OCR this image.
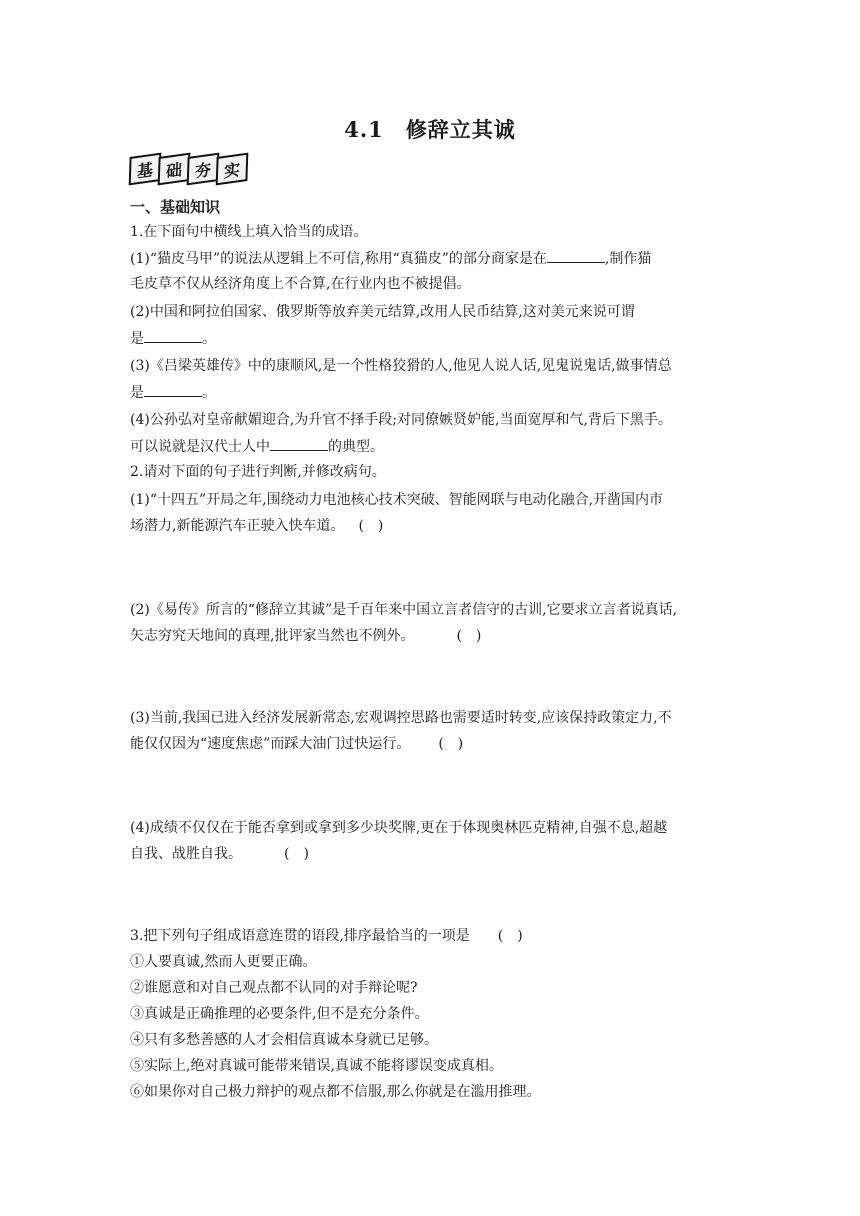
4.1　修辞立其诚
基 础 夯 实
一、基础知识
1.在下面句中横线上填入恰当的成语。
(1)“猫皮马甲”的说法从逻辑上不可信,称用“真猫皮”的部分商家是在	,制作猫
毛皮草不仅从经济角度上不合算,在行业内也不被提倡。
(2)中国和阿拉伯国家、俄罗斯等放弃美元结算,改用人民币结算,这对美元来说可谓
是	。
(3)《吕梁英雄传》中的康顺风,是一个性格狡猾的人,他见人说人话,见鬼说鬼话,做事情总
是	。
(4)公孙弘对皇帝献媚迎合,为升官不择手段;对同僚嫉贤妒能,当面宽厚和气,背后下黑手。
可以说就是汉代士人中	的典型。
2.请对下面的句子进行判断,并修改病句。
(1)“十四五”开局之年,围绕动力电池核心技术突破、智能网联与电动化融合,开凿国内市
场潜力,新能源汽车正驶入快车道。 (　)
(2)《易传》所言的“修辞立其诚”是千百年来中国立言者信守的古训,它要求立言者说真话,
矢志穷究天地间的真理,批评家当然也不例外。　　(　)
(3)当前,我国已进入经济发展新常态,宏观调控思路也需要适时转变,应该保持政策定力,不
能仅仅因为“速度焦虑”而踩大油门过快运行。　(　)
(4)成绩不仅仅在于能否拿到或拿到多少块奖牌,更在于体现奥林匹克精神,自强不息,超越
自我、战胜自我。　　(　)
3.把下列句子组成语意连贯的语段,排序最恰当的一项是　(　)
①人要真诚,然而人更要正确。
②谁愿意和对自己观点都不认同的对手辩论呢?
③真诚是正确推理的必要条件,但不是充分条件。
④只有多愁善感的人才会相信真诚本身就已足够。
⑤实际上,绝对真诚可能带来错误,真诚不能将谬误变成真相。
⑥如果你对自己极力辩护的观点都不信服,那么你就是在滥用推理。
